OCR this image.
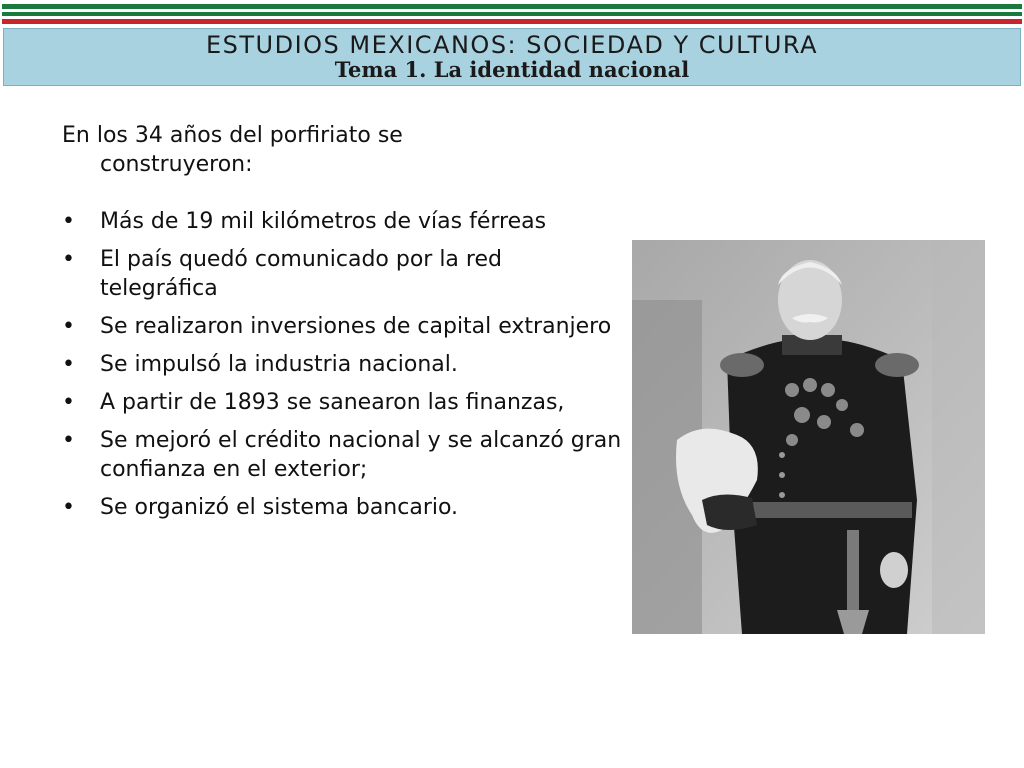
ESTUDIOS MEXICANOS: SOCIEDAD Y CULTURA
Tema 1. La identidad nacional

En los 34 años del porfiriato se
construyeron:

• Más de 19 mil kilómetros de vías férreas
• El país quedó comunicado por la red telegráfica
• Se realizaron inversiones de capital extranjero
• Se impulsó la industria nacional.
• A partir de 1893 se sanearon las finanzas,
• Se mejoró el crédito nacional y se alcanzó gran confianza en el exterior;
• Se organizó el sistema bancario.
